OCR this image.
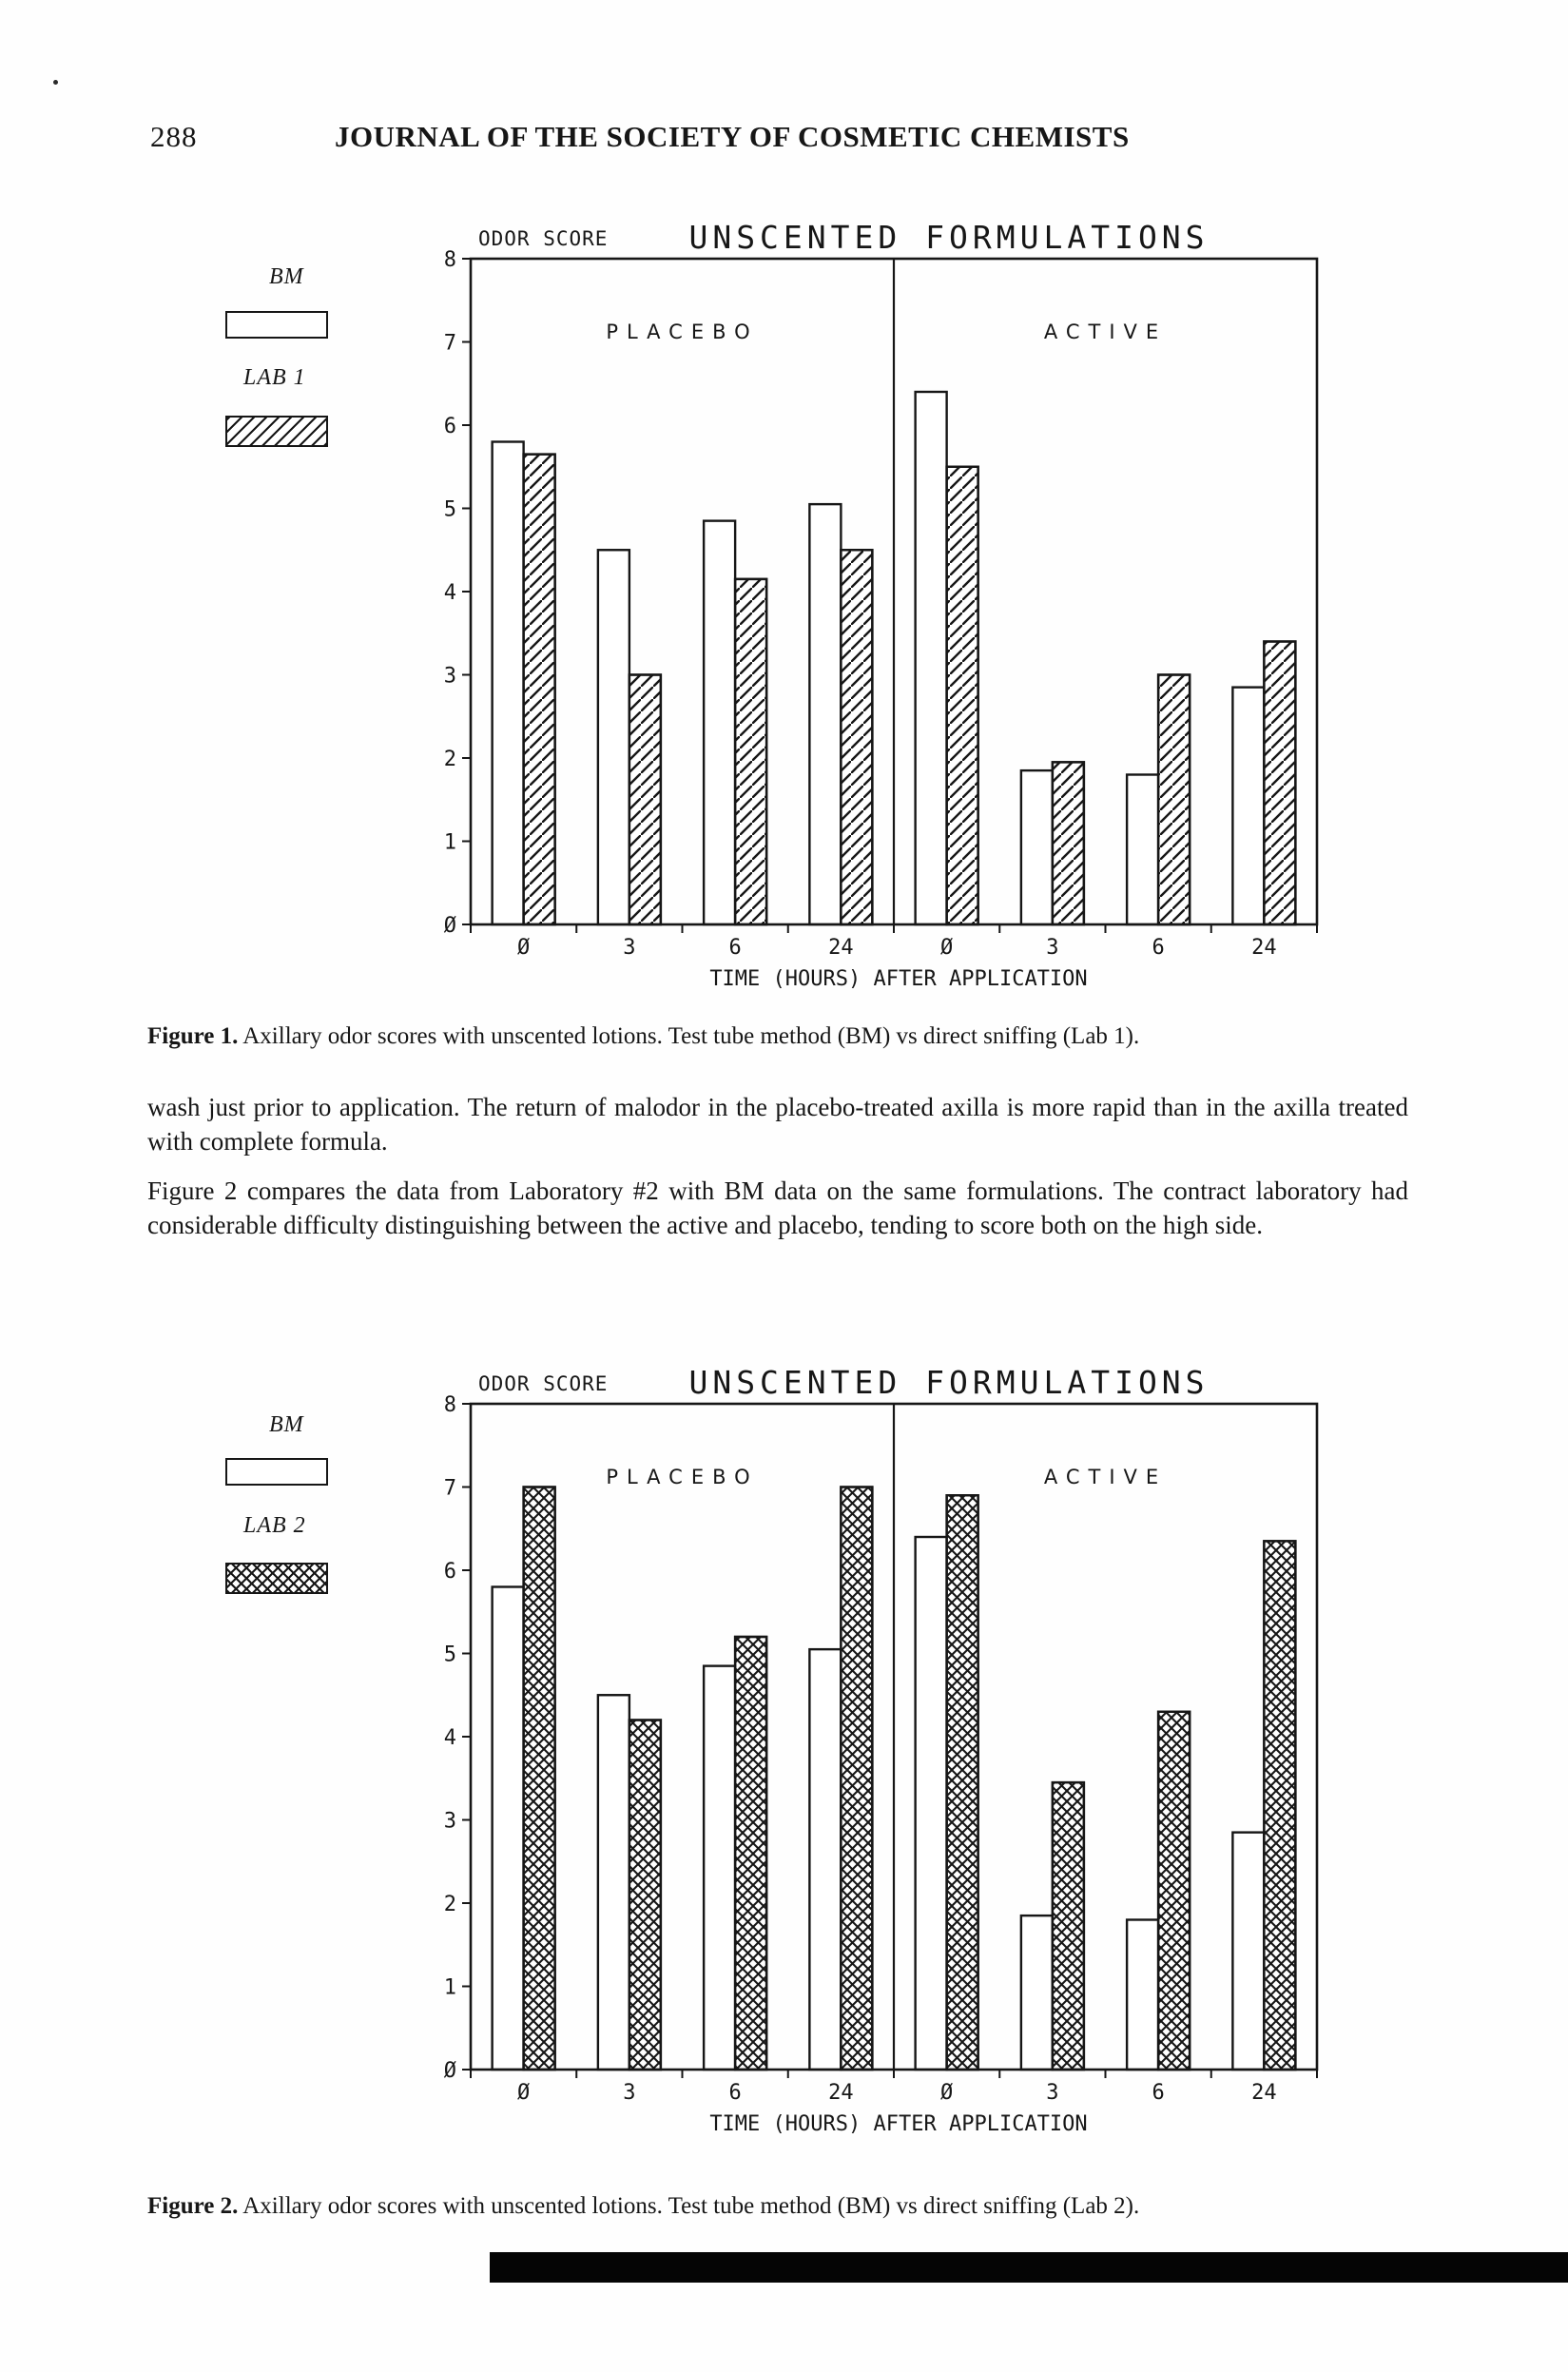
288	JOURNAL OF THE SOCIETY OF COSMETIC CHEMISTS
BM
LAB 1
ODOR SCORE	UNSCENTED FORMULATIONS
PLACEBO
Ø	3	6	24
ACTIVE
Ø	3	6	24
8
7
6
5
4
3
2
1
Ø
TIME (HOURS) AFTER APPLICATION
Figure 1. Axillary odor scores with unscented lotions. Test tube method (BM) vs direct sniffing (Lab 1).

wash just prior to application. The return of malodor in the placebo-treated axilla is more rapid than in the axilla treated with complete formula.

Figure 2 compares the data from Laboratory #2 with BM data on the same formulations. The contract laboratory had considerable difficulty distinguishing between the active and placebo, tending to score both on the high side.

BM
LAB 2
ODOR SCORE	UNSCENTED FORMULATIONS
PLACEBO
Ø	3	6	24
ACTIVE
Ø	3	6	24
8
7
6
5
4
3
2
1
Ø
TIME (HOURS) AFTER APPLICATION
Figure 2. Axillary odor scores with unscented lotions. Test tube method (BM) vs direct sniffing (Lab 2).
